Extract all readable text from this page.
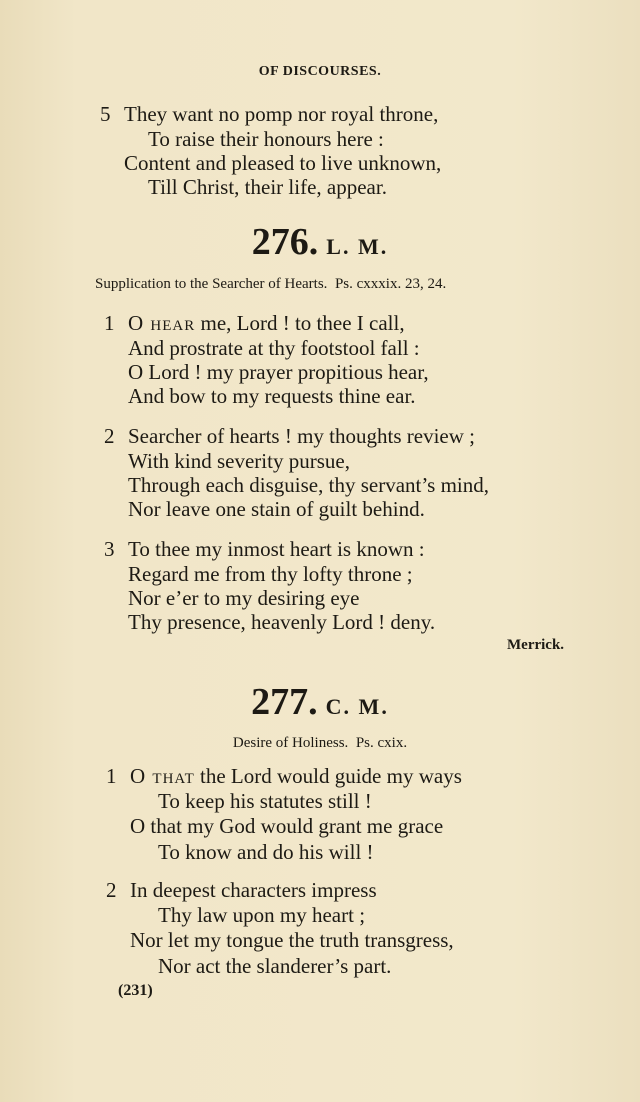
OF DISCOURSES.
5 They want no pomp nor royal throne,
To raise their honours here :
Content and pleased to live unknown,
Till Christ, their life, appear.
276. L. M.
Supplication to the Searcher of Hearts. Ps. cxxxix. 23, 24.
1 O hear me, Lord ! to thee I call,
And prostrate at thy footstool fall :
O Lord ! my prayer propitious hear,
And bow to my requests thine ear.
2 Searcher of hearts ! my thoughts review ;
With kind severity pursue,
Through each disguise, thy servant’s mind,
Nor leave one stain of guilt behind.
3 To thee my inmost heart is known :
Regard me from thy lofty throne ;
Nor e’er to my desiring eye
Thy presence, heavenly Lord ! deny.
Merrick.
277. C. M.
Desire of Holiness. Ps. cxix.
1 O that the Lord would guide my ways
To keep his statutes still !
O that my God would grant me grace
To know and do his will !
2 In deepest characters impress
Thy law upon my heart ;
Nor let my tongue the truth transgress,
Nor act the slanderer’s part.
(231)
